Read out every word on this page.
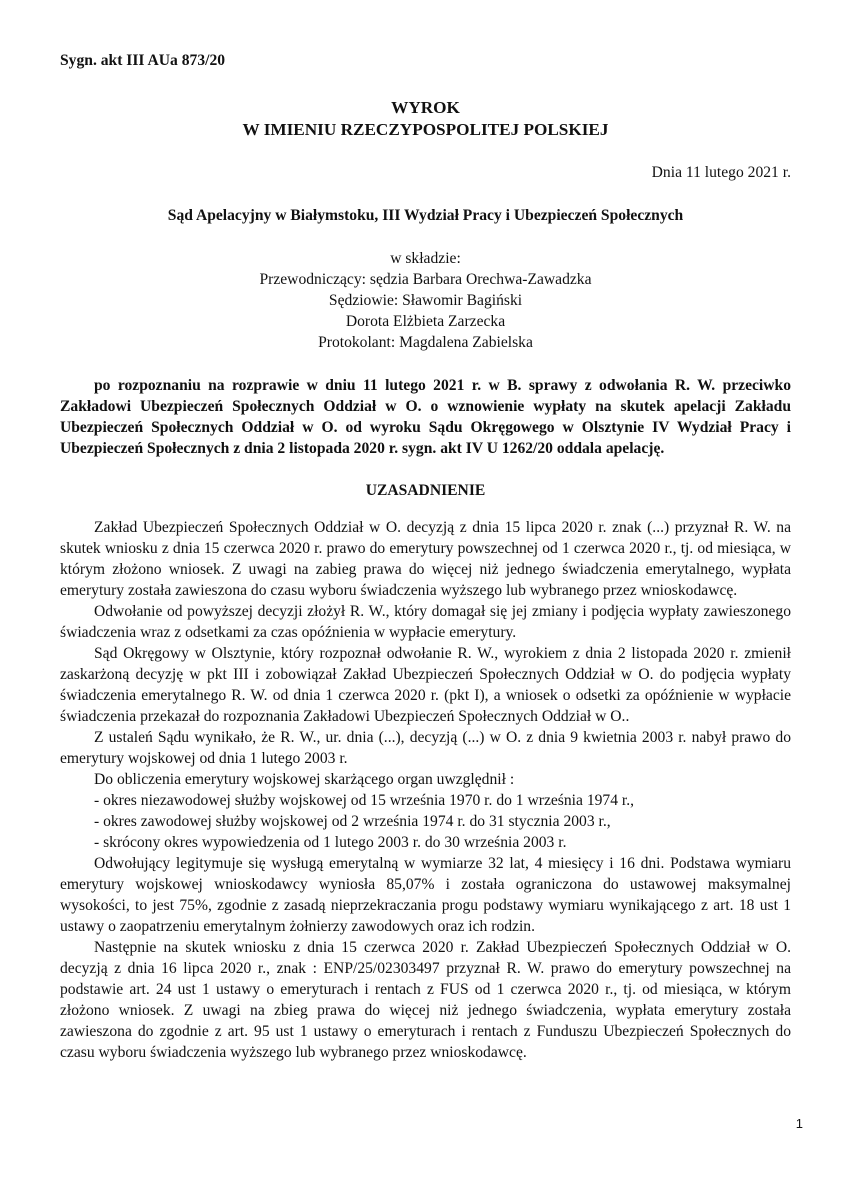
Sygn. akt III AUa 873/20
WYROK
W IMIENIU RZECZYPOSPOLITEJ POLSKIEJ
Dnia 11 lutego 2021 r.
Sąd Apelacyjny w Białymstoku, III Wydział Pracy i Ubezpieczeń Społecznych
w składzie:
Przewodniczący: sędzia Barbara Orechwa-Zawadzka
Sędziowie: Sławomir Bagiński
Dorota Elżbieta Zarzecka
Protokolant: Magdalena Zabielska

po rozpoznaniu na rozprawie w dniu 11 lutego 2021 r. w B. sprawy z odwołania R. W. przeciwko Zakładowi Ubezpieczeń Społecznych Oddział w O. o wznowienie wypłaty na skutek apelacji Zakładu Ubezpieczeń Społecznych Oddział w O. od wyroku Sądu Okręgowego w Olsztynie IV Wydział Pracy i Ubezpieczeń Społecznych z dnia 2 listopada 2020 r. sygn. akt IV U 1262/20 oddala apelację.

UZASADNIENIE

Zakład Ubezpieczeń Społecznych Oddział w O. decyzją z dnia 15 lipca 2020 r. znak (...) przyznał R. W. na skutek wniosku z dnia 15 czerwca 2020 r. prawo do emerytury powszechnej od 1 czerwca 2020 r., tj. od miesiąca, w którym złożono wniosek. Z uwagi na zabieg prawa do więcej niż jednego świadczenia emerytalnego, wypłata emerytury została zawieszona do czasu wyboru świadczenia wyższego lub wybranego przez wnioskodawcę.

Odwołanie od powyższej decyzji złożył R. W., który domagał się jej zmiany i podjęcia wypłaty zawieszonego świadczenia wraz z odsetkami za czas opóźnienia w wypłacie emerytury.

Sąd Okręgowy w Olsztynie, który rozpoznał odwołanie R. W., wyrokiem z dnia 2 listopada 2020 r. zmienił zaskarżoną decyzję w pkt III i zobowiązał Zakład Ubezpieczeń Społecznych Oddział w O. do podjęcia wypłaty świadczenia emerytalnego R. W. od dnia 1 czerwca 2020 r. (pkt I), a wniosek o odsetki za opóźnienie w wypłacie świadczenia przekazał do rozpoznania Zakładowi Ubezpieczeń Społecznych Oddział w O..

Z ustaleń Sądu wynikało, że R. W., ur. dnia (...), decyzją (...) w O. z dnia 9 kwietnia 2003 r. nabył prawo do emerytury wojskowej od dnia 1 lutego 2003 r.

Do obliczenia emerytury wojskowej skarżącego organ uwzględnił :

- okres niezawodowej służby wojskowej od 15 września 1970 r. do 1 września 1974 r.,

- okres zawodowej służby wojskowej od 2 września 1974 r. do 31 stycznia 2003 r.,

- skrócony okres wypowiedzenia od 1 lutego 2003 r. do 30 września 2003 r.

Odwołujący legitymuje się wysługą emerytalną w wymiarze 32 lat, 4 miesięcy i 16 dni. Podstawa wymiaru emerytury wojskowej wnioskodawcy wyniosła 85,07% i została ograniczona do ustawowej maksymalnej wysokości, to jest 75%, zgodnie z zasadą nieprzekraczania progu podstawy wymiaru wynikającego z art. 18 ust 1 ustawy o zaopatrzeniu emerytalnym żołnierzy zawodowych oraz ich rodzin.

Następnie na skutek wniosku z dnia 15 czerwca 2020 r. Zakład Ubezpieczeń Społecznych Oddział w O. decyzją z dnia 16 lipca 2020 r., znak : ENP/25/02303497 przyznał R. W. prawo do emerytury powszechnej na podstawie art. 24 ust 1 ustawy o emeryturach i rentach z FUS od 1 czerwca 2020 r., tj. od miesiąca, w którym złożono wniosek. Z uwagi na zbieg prawa do więcej niż jednego świadczenia, wypłata emerytury została zawieszona do zgodnie z art. 95 ust 1 ustawy o emeryturach i rentach z Funduszu Ubezpieczeń Społecznych do czasu wyboru świadczenia wyższego lub wybranego przez wnioskodawcę.

1
